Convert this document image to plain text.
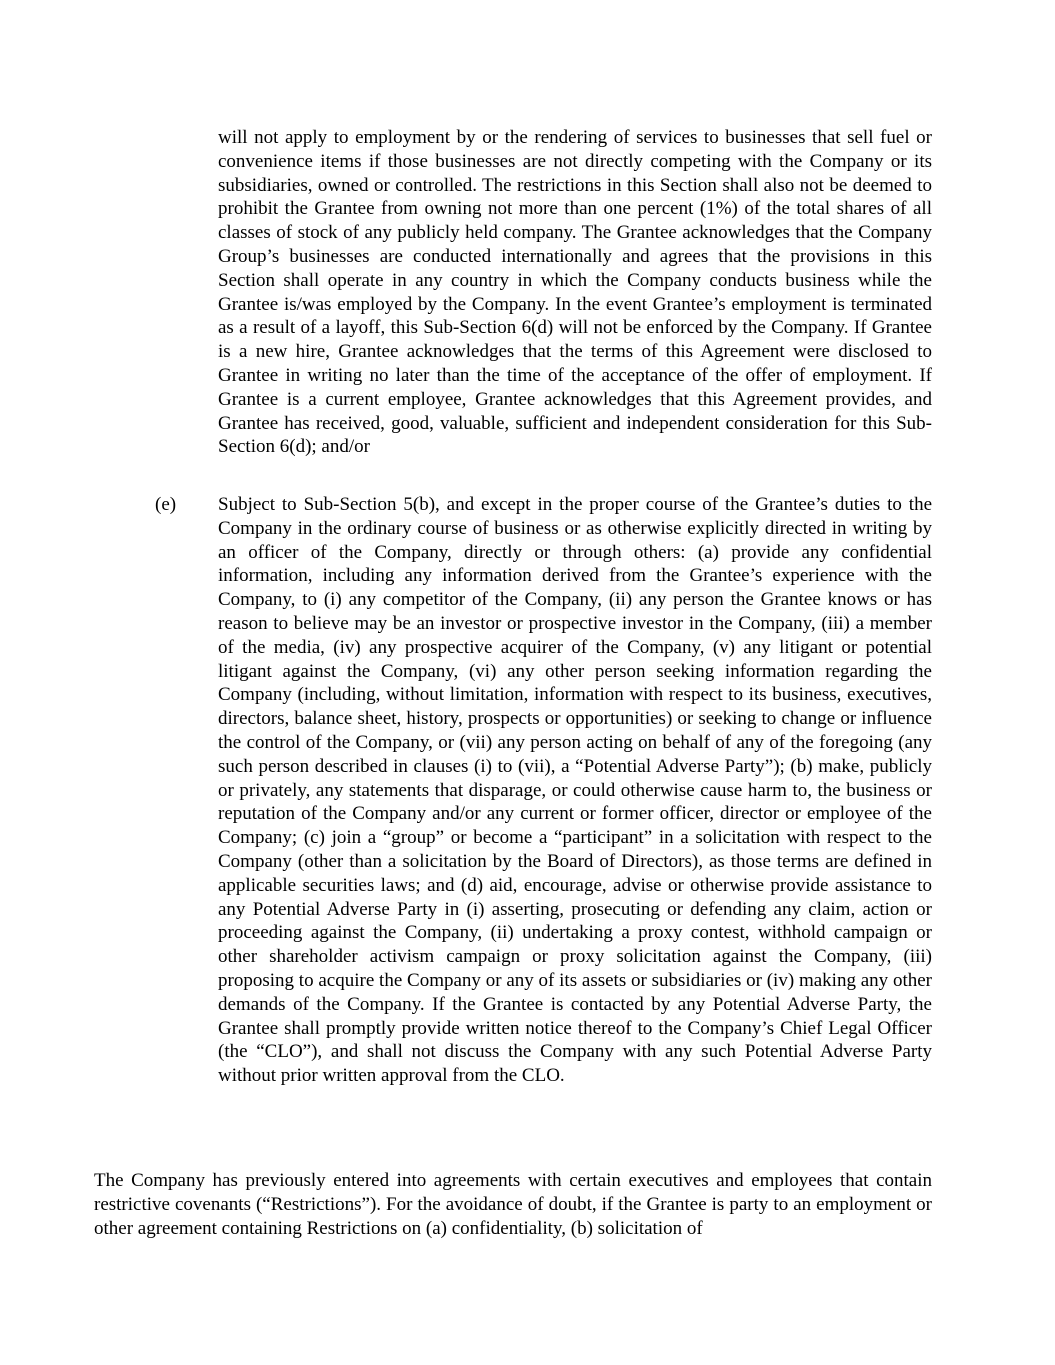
will not apply to employment by or the rendering of services to businesses that sell fuel or convenience items if those businesses are not directly competing with the Company or its subsidiaries, owned or controlled. The restrictions in this Section shall also not be deemed to prohibit the Grantee from owning not more than one percent (1%) of the total shares of all classes of stock of any publicly held company. The Grantee acknowledges that the Company Group’s businesses are conducted internationally and agrees that the provisions in this Section shall operate in any country in which the Company conducts business while the Grantee is/was employed by the Company. In the event Grantee’s employment is terminated as a result of a layoff, this Sub-Section 6(d) will not be enforced by the Company. If Grantee is a new hire, Grantee acknowledges that the terms of this Agreement were disclosed to Grantee in writing no later than the time of the acceptance of the offer of employment. If Grantee is a current employee, Grantee acknowledges that this Agreement provides, and Grantee has received, good, valuable, sufficient and independent consideration for this Sub-Section 6(d); and/or

(e) Subject to Sub-Section 5(b), and except in the proper course of the Grantee’s duties to the Company in the ordinary course of business or as otherwise explicitly directed in writing by an officer of the Company, directly or through others: (a) provide any confidential information, including any information derived from the Grantee’s experience with the Company, to (i) any competitor of the Company, (ii) any person the Grantee knows or has reason to believe may be an investor or prospective investor in the Company, (iii) a member of the media, (iv) any prospective acquirer of the Company, (v) any litigant or potential litigant against the Company, (vi) any other person seeking information regarding the Company (including, without limitation, information with respect to its business, executives, directors, balance sheet, history, prospects or opportunities) or seeking to change or influence the control of the Company, or (vii) any person acting on behalf of any of the foregoing (any such person described in clauses (i) to (vii), a “Potential Adverse Party”); (b) make, publicly or privately, any statements that disparage, or could otherwise cause harm to, the business or reputation of the Company and/or any current or former officer, director or employee of the Company; (c) join a “group” or become a “participant” in a solicitation with respect to the Company (other than a solicitation by the Board of Directors), as those terms are defined in applicable securities laws; and (d) aid, encourage, advise or otherwise provide assistance to any Potential Adverse Party in (i) asserting, prosecuting or defending any claim, action or proceeding against the Company, (ii) undertaking a proxy contest, withhold campaign or other shareholder activism campaign or proxy solicitation against the Company, (iii) proposing to acquire the Company or any of its assets or subsidiaries or (iv) making any other demands of the Company. If the Grantee is contacted by any Potential Adverse Party, the Grantee shall promptly provide written notice thereof to the Company’s Chief Legal Officer (the “CLO”), and shall not discuss the Company with any such Potential Adverse Party without prior written approval from the CLO.

The Company has previously entered into agreements with certain executives and employees that contain restrictive covenants (“Restrictions”). For the avoidance of doubt, if the Grantee is party to an employment or other agreement containing Restrictions on (a) confidentiality, (b) solicitation of
